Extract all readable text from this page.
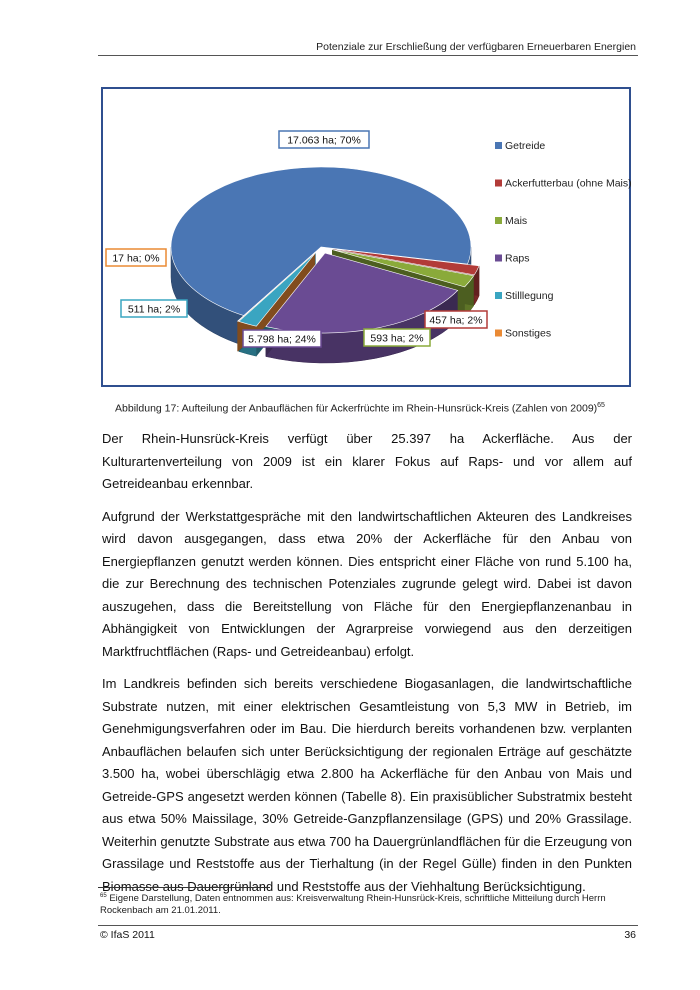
Potenziale zur Erschließung der verfügbaren Erneuerbaren Energien
17.063 ha; 70%
457 ha; 2%
593 ha; 2%
5.798 ha; 24%
511 ha; 2%
17 ha; 0%
Getreide
Ackerfutterbau (ohne Mais)
Mais
Raps
Stilllegung
Sonstiges
Abbildung 17: Aufteilung der Anbauflächen für Ackerfrüchte im Rhein-Hunsrück-Kreis (Zahlen von 2009)$^{65}$

Der Rhein-Hunsrück-Kreis verfügt über 25.397 ha Ackerfläche. Aus der Kulturartenverteilung von 2009 ist ein klarer Fokus auf Raps- und vor allem auf Getreideanbau erkennbar.

Aufgrund der Werkstattgespräche mit den landwirtschaftlichen Akteuren des Landkreises wird davon ausgegangen, dass etwa 20% der Ackerfläche für den Anbau von Energiepflanzen genutzt werden können. Dies entspricht einer Fläche von rund 5.100 ha, die zur Berechnung des technischen Potenziales zugrunde gelegt wird. Dabei ist davon auszugehen, dass die Bereitstellung von Fläche für den Energiepflanzenanbau in Abhängigkeit von Entwicklungen der Agrarpreise vorwiegend aus den derzeitigen Marktfruchtflächen (Raps- und Getreideanbau) erfolgt.

Im Landkreis befinden sich bereits verschiedene Biogasanlagen, die landwirtschaftliche Substrate nutzen, mit einer elektrischen Gesamtleistung von 5,3 MW in Betrieb, im Genehmigungsverfahren oder im Bau. Die hierdurch bereits vorhandenen bzw. verplanten Anbauflächen belaufen sich unter Berücksichtigung der regionalen Erträge auf geschätzte 3.500 ha, wobei überschlägig etwa 2.800 ha Ackerfläche für den Anbau von Mais und Getreide-GPS angesetzt werden können (Tabelle 8). Ein praxisüblicher Substratmix besteht aus etwa 50% Maissilage, 30% Getreide-Ganzpflanzensilage (GPS) und 20% Grassilage. Weiterhin genutzte Substrate aus etwa 700 ha Dauergrünlandflächen für die Erzeugung von Grassilage und Reststoffe aus der Tierhaltung (in der Regel Gülle) finden in den Punkten Biomasse aus Dauergrünland und Reststoffe aus der Viehhaltung Berücksichtigung.

$^{65}$ Eigene Darstellung, Daten entnommen aus: Kreisverwaltung Rhein-Hunsrück-Kreis, schriftliche Mitteilung durch Herrn Rockenbach am 21.01.2011.
© IfaS 2011	36
